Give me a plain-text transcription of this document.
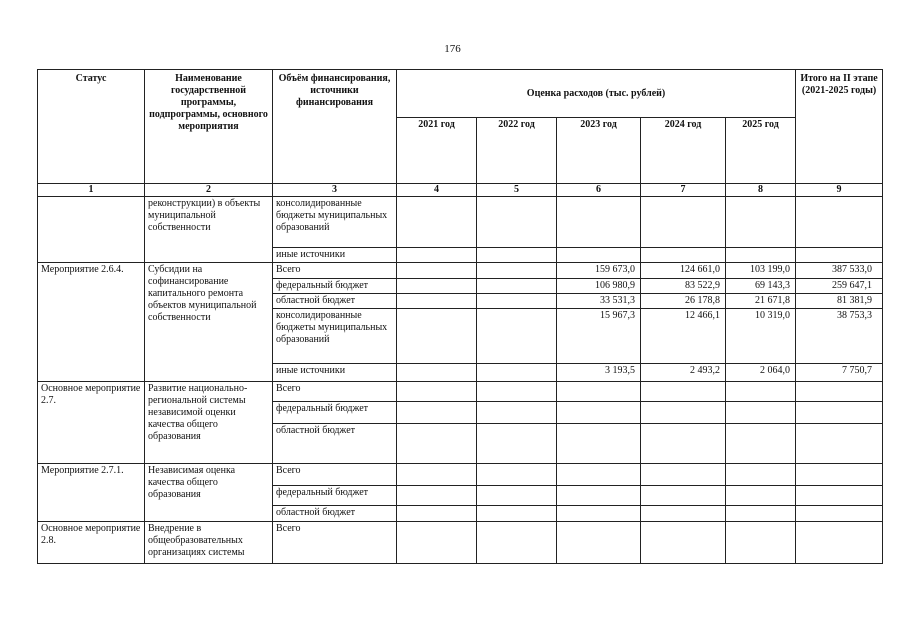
176
Статус	Наименование государственной программы, подпрограммы, основного мероприятия	Объём финансирования, источники финансирования	Оценка расходов (тыс. рублей)					Итого на II этапе (2021-2025 годы)
			2021 год	2022 год	2023 год	2024 год	2025 год	
1	2	3	4	5	6	7	8	9
	реконструкции) в объекты муниципальной собственности	консолидированные бюджеты муниципальных образований						
		иные источники						
Мероприятие 2.6.4.	Субсидии на софинансирование капитального ремонта объектов муниципальной собственности	Всего			159 673,0	124 661,0	103 199,0	387 533,0
		федеральный бюджет			106 980,9	83 522,9	69 143,3	259 647,1
		областной бюджет			33 531,3	26 178,8	21 671,8	81 381,9
		консолидированные бюджеты муниципальных образований			15 967,3	12 466,1	10 319,0	38 753,3
		иные источники			3 193,5	2 493,2	2 064,0	7 750,7
Основное мероприятие 2.7.	Развитие национально-региональной системы независимой оценки качества общего образования	Всего						
		федеральный бюджет						
		областной бюджет						
Мероприятие 2.7.1.	Независимая оценка качества общего образования	Всего						
		федеральный бюджет						
		областной бюджет						
Основное мероприятие 2.8.	Внедрение в общеобразовательных организациях системы	Всего						
